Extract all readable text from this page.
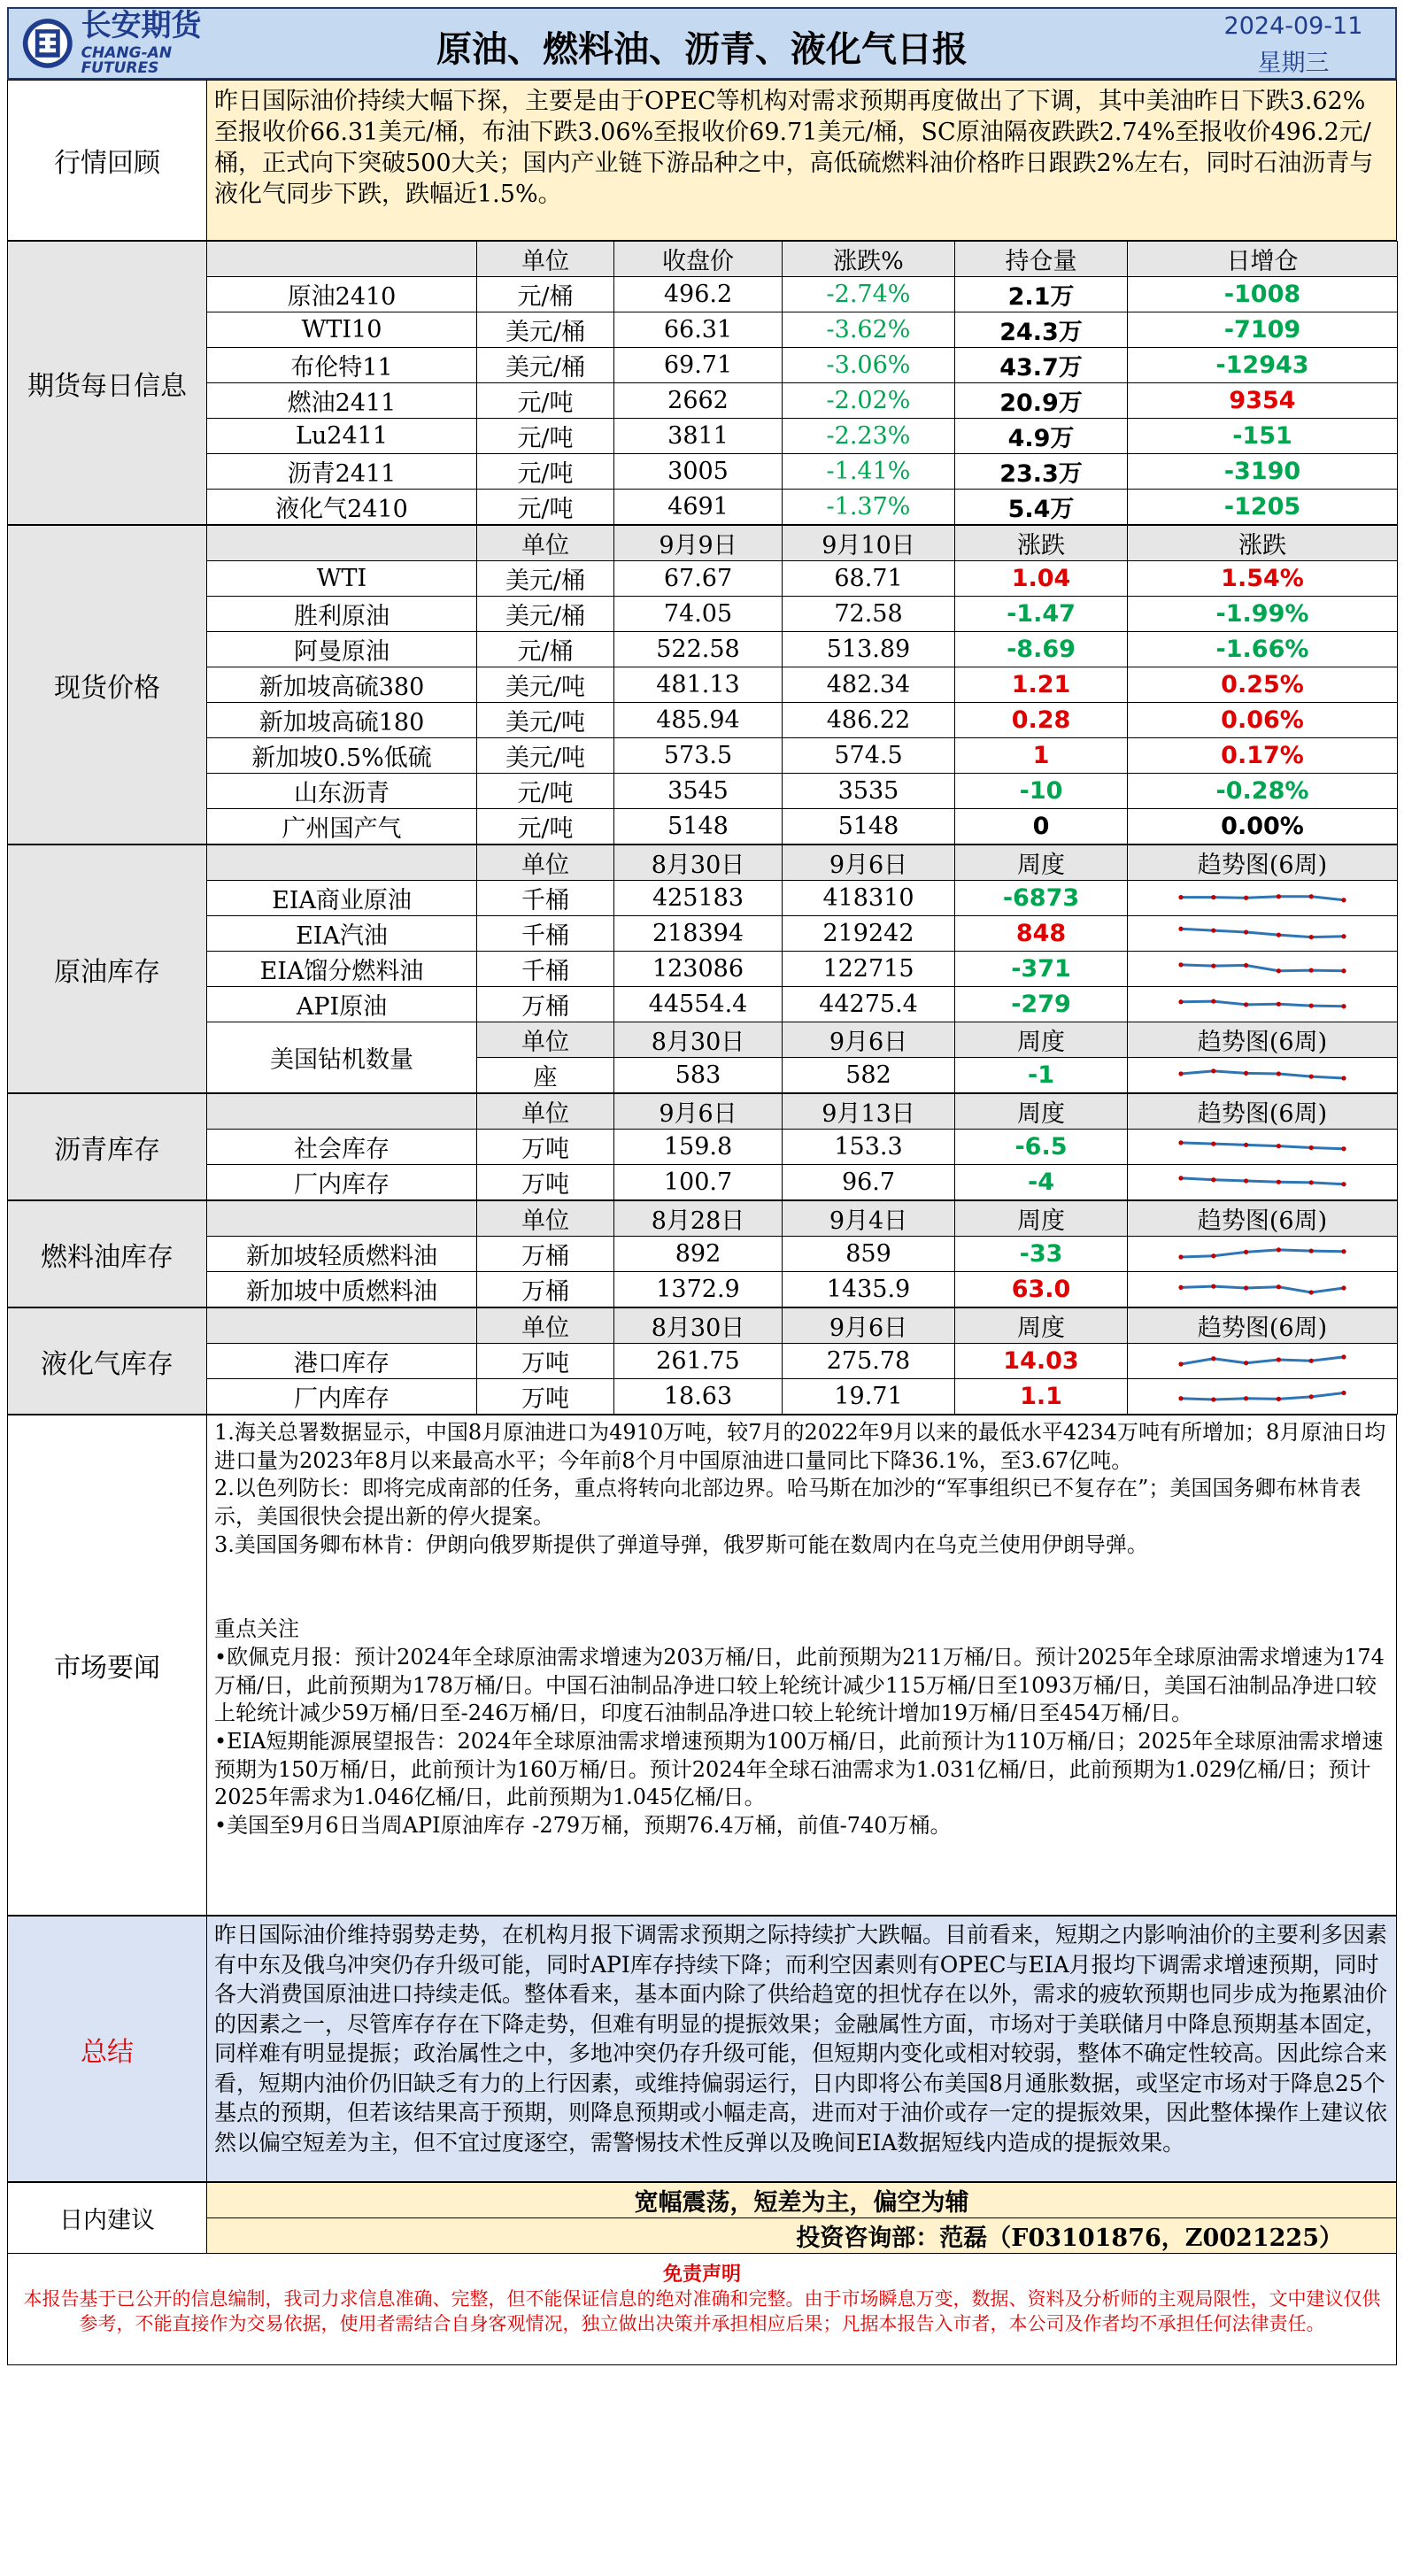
长安期货
CHANG-AN FUTURES	原油、燃料油、沥青、液化气日报
2024-09-11
星期三
行情回顾	昨日国际油价持续大幅下探，主要是由于OPEC等机构对需求预期再度做出了下调，其中美油昨日下跌3.62%至报收价66.31美元/桶，布油下跌3.06%至报收价69.71美元/桶，SC原油隔夜跌跌2.74%至报收价496.2元/桶，正式向下突破500大关；国内产业链下游品种之中，高低硫燃料油价格昨日跟跌2%左右，同时石油沥青与液化气同步下跌，跌幅近1.5%。
期货每日信息		单位	收盘价	涨跌%	持仓量	日增仓
	原油2410	元/桶	496.2	-2.74%	2.1万	-1008
	WTI10	美元/桶	66.31	-3.62%	24.3万	-7109
	布伦特11	美元/桶	69.71	-3.06%	43.7万	-12943
	燃油2411	元/吨	2662	-2.02%	20.9万	9354
	Lu2411	元/吨	3811	-2.23%	4.9万	-151
	沥青2411	元/吨	3005	-1.41%	23.3万	-3190
	液化气2410	元/吨	4691	-1.37%	5.4万	-1205
现货价格		单位	9月9日	9月10日	涨跌	涨跌
	WTI	美元/桶	67.67	68.71	1.04	1.54%
	胜利原油	美元/桶	74.05	72.58	-1.47	-1.99%
	阿曼原油	元/桶	522.58	513.89	-8.69	-1.66%
	新加坡高硫380	美元/吨	481.13	482.34	1.21	0.25%
	新加坡高硫180	美元/吨	485.94	486.22	0.28	0.06%
	新加坡0.5%低硫	美元/吨	573.5	574.5	1	0.17%
	山东沥青	元/吨	3545	3535	-10	-0.28%
	广州国产气	元/吨	5148	5148	0	0.00%
原油库存		单位	8月30日	9月6日	周度	趋势图(6周)
	EIA商业原油	千桶	425183	418310	-6873	

	EIA汽油	千桶	218394	219242	848	

	EIA馏分燃料油	千桶	123086	122715	-371	

	API原油	万桶	44554.4	44275.4	-279	

	美国钻机数量	单位	8月30日	9月6日	周度	趋势图(6周)
		座	583	582	-1	
沥青库存		单位	9月6日	9月13日	周度	趋势图(6周)
	社会库存	万吨	159.8	153.3	-6.5	

	厂内库存	万吨	100.7	96.7	-4	
燃料油库存		单位	8月28日	9月4日	周度	趋势图(6周)
	新加坡轻质燃料油	万桶	892	859	-33	

	新加坡中质燃料油	万桶	1372.9	1435.9	63.0	
液化气库存		单位	8月30日	9月6日	周度	趋势图(6周)
	港口库存	万吨	261.75	275.78	14.03	

	厂内库存	万吨	18.63	19.71	1.1	
市场要闻	
1.海关总署数据显示，中国8月原油进口为4910万吨，较7月的2022年9月以来的最低水平4234万吨有所增加；8月原油日均进口量为2023年8月以来最高水平；今年前8个月中国原油进口量同比下降36.1%，至3.67亿吨。
2.以色列防长：即将完成南部的任务，重点将转向北部边界。哈马斯在加沙的“军事组织已不复存在”；美国国务卿布林肯表示，美国很快会提出新的停火提案。
3.美国国务卿布林肯：伊朗向俄罗斯提供了弹道导弹，俄罗斯可能在数周内在乌克兰使用伊朗导弹。
重点关注
•欧佩克月报：预计2024年全球原油需求增速为203万桶/日，此前预期为211万桶/日。预计2025年全球原油需求增速为174万桶/日，此前预期为178万桶/日。中国石油制品净进口较上轮统计减少115万桶/日至1093万桶/日，美国石油制品净进口较上轮统计减少59万桶/日至-246万桶/日，印度石油制品净进口较上轮统计增加19万桶/日至454万桶/日。
•EIA短期能源展望报告：2024年全球原油需求增速预期为100万桶/日，此前预计为110万桶/日；2025年全球原油需求增速预期为150万桶/日，此前预计为160万桶/日。预计2024年全球石油需求为1.031亿桶/日，此前预期为1.029亿桶/日；预计2025年需求为1.046亿桶/日，此前预期为1.045亿桶/日。
•美国至9月6日当周API原油库存 -279万桶，预期76.4万桶，前值-740万桶。
总结	昨日国际油价维持弱势走势，在机构月报下调需求预期之际持续扩大跌幅。目前看来，短期之内影响油价的主要利多因素有中东及俄乌冲突仍存升级可能，同时API库存持续下降；而利空因素则有OPEC与EIA月报均下调需求增速预期，同时各大消费国原油进口持续走低。整体看来，基本面内除了供给趋宽的担忧存在以外，需求的疲软预期也同步成为拖累油价的因素之一，尽管库存存在下降走势，但难有明显的提振效果；金融属性方面，市场对于美联储月中降息预期基本固定，同样难有明显提振；政治属性之中，多地冲突仍存升级可能，但短期内变化或相对较弱，整体不确定性较高。因此综合来看，短期内油价仍旧缺乏有力的上行因素，或维持偏弱运行，日内即将公布美国8月通胀数据，或坚定市场对于降息25个基点的预期，但若该结果高于预期，则降息预期或小幅走高，进而对于油价或存一定的提振效果，因此整体操作上建议依然以偏空短差为主，但不宜过度逐空，需警惕技术性反弹以及晚间EIA数据短线内造成的提振效果。
日内建议	宽幅震荡，短差为主，偏空为辅
投资咨询部：范磊（F03101876，Z0021225）
免责声明
本报告基于已公开的信息编制，我司力求信息准确、完整，但不能保证信息的绝对准确和完整。由于市场瞬息万变，数据、资料及分析师的主观局限性，文中建议仅供参考，不能直接作为交易依据，使用者需结合自身客观情况，独立做出决策并承担相应后果；凡据本报告入市者，本公司及作者均不承担任何法律责任。
